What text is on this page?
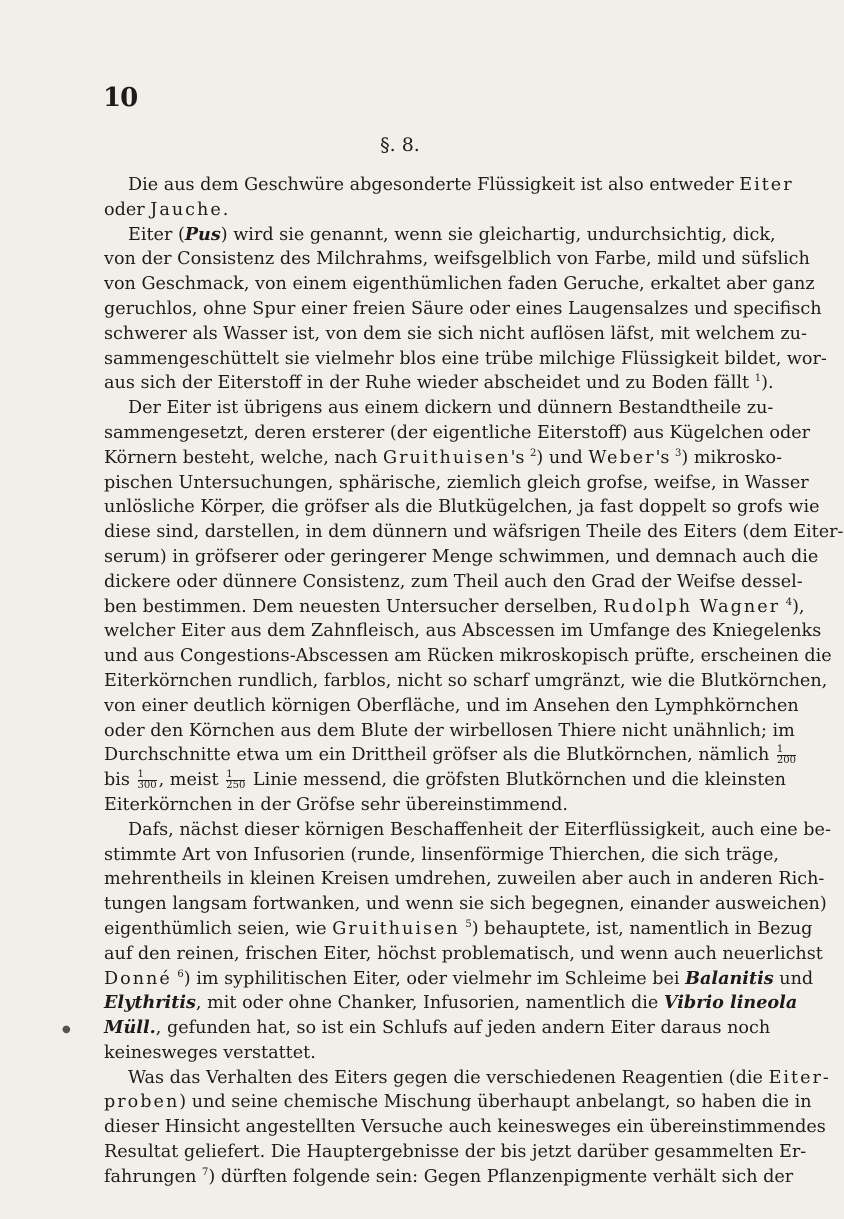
10
§. 8.
Die aus dem Geschwüre abgesonderte Flüssigkeit ist also entweder Eiter
oder Jauche.
Eiter (Pus) wird sie genannt, wenn sie gleichartig, undurchsichtig, dick,
von der Consistenz des Milchrahms, weifsgelblich von Farbe, mild und süfslich
von Geschmack, von einem eigenthümlichen faden Geruche, erkaltet aber ganz
geruchlos, ohne Spur einer freien Säure oder eines Laugensalzes und specifisch
schwerer als Wasser ist, von dem sie sich nicht auflösen läfst, mit welchem zu-
sammengeschüttelt sie vielmehr blos eine trübe milchige Flüssigkeit bildet, wor-
aus sich der Eiterstoff in der Ruhe wieder abscheidet und zu Boden fällt $^1$).
Der Eiter ist übrigens aus einem dickern und dünnern Bestandtheile zu-
sammengesetzt, deren ersterer (der eigentliche Eiterstoff) aus Kügelchen oder
Körnern besteht, welche, nach Gruithuisen's $^2$) und Weber's $^3$) mikrosko-
pischen Untersuchungen, sphärische, ziemlich gleich grofse, weifse, in Wasser
unlösliche Körper, die gröfser als die Blutkügelchen, ja fast doppelt so grofs wie
diese sind, darstellen, in dem dünnern und wäfsrigen Theile des Eiters (dem Eiter-
serum) in gröfserer oder geringerer Menge schwimmen, und demnach auch die
dickere oder dünnere Consistenz, zum Theil auch den Grad der Weifse dessel-
ben bestimmen. Dem neuesten Untersucher derselben, Rudolph Wagner $^4$),
welcher Eiter aus dem Zahnfleisch, aus Abscessen im Umfange des Kniegelenks
und aus Congestions-Abscessen am Rücken mikroskopisch prüfte, erscheinen die
Eiterkörnchen rundlich, farblos, nicht so scharf umgränzt, wie die Blutkörnchen,
von einer deutlich körnigen Oberfläche, und im Ansehen den Lymphkörnchen
oder den Körnchen aus dem Blute der wirbellosen Thiere nicht unähnlich; im
Durchschnitte etwa um ein Drittheil gröfser als die Blutkörnchen, nämlich $\frac{1}{200}$
bis $\frac{1}{300}$ , meist $\frac{1}{250}$ Linie messend, die gröfsten Blutkörnchen und die kleinsten
Eiterkörnchen in der Gröfse sehr übereinstimmend.
Dafs, nächst dieser körnigen Beschaffenheit der Eiterflüssigkeit, auch eine be-
stimmte Art von Infusorien (runde, linsenförmige Thierchen, die sich träge,
mehrentheils in kleinen Kreisen umdrehen, zuweilen aber auch in anderen Rich-
tungen langsam fortwanken, und wenn sie sich begegnen, einander ausweichen)
eigenthümlich seien, wie Gruithuisen $^5$) behauptete, ist, namentlich in Bezug
auf den reinen, frischen Eiter, höchst problematisch, und wenn auch neuerlichst
Donné $^6$) im syphilitischen Eiter, oder vielmehr im Schleime bei Balanitis und
Elythritis, mit oder ohne Chanker, Infusorien, namentlich die Vibrio lineola
Müll., gefunden hat, so ist ein Schlufs auf jeden andern Eiter daraus noch
keinesweges verstattet.
Was das Verhalten des Eiters gegen die verschiedenen Reagentien (die Eiter-
proben) und seine chemische Mischung überhaupt anbelangt, so haben die in
dieser Hinsicht angestellten Versuche auch keinesweges ein übereinstimmendes
Resultat geliefert. Die Hauptergebnisse der bis jetzt darüber gesammelten Er-
fahrungen $^7$) dürften folgende sein: Gegen Pflanzenpigmente verhält sich der
●
